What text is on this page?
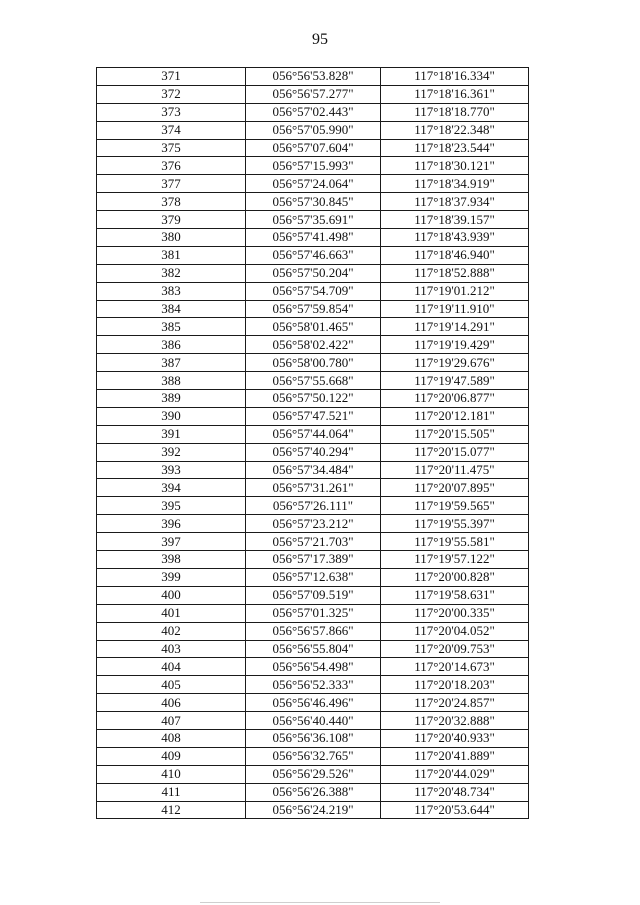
95
371	056°56'53.828"	117°18'16.334"
372	056°56'57.277"	117°18'16.361"
373	056°57'02.443"	117°18'18.770"
374	056°57'05.990"	117°18'22.348"
375	056°57'07.604"	117°18'23.544"
376	056°57'15.993"	117°18'30.121"
377	056°57'24.064"	117°18'34.919"
378	056°57'30.845"	117°18'37.934"
379	056°57'35.691"	117°18'39.157"
380	056°57'41.498"	117°18'43.939"
381	056°57'46.663"	117°18'46.940"
382	056°57'50.204"	117°18'52.888"
383	056°57'54.709"	117°19'01.212"
384	056°57'59.854"	117°19'11.910"
385	056°58'01.465"	117°19'14.291"
386	056°58'02.422"	117°19'19.429"
387	056°58'00.780"	117°19'29.676"
388	056°57'55.668"	117°19'47.589"
389	056°57'50.122"	117°20'06.877"
390	056°57'47.521"	117°20'12.181"
391	056°57'44.064"	117°20'15.505"
392	056°57'40.294"	117°20'15.077"
393	056°57'34.484"	117°20'11.475"
394	056°57'31.261"	117°20'07.895"
395	056°57'26.111"	117°19'59.565"
396	056°57'23.212"	117°19'55.397"
397	056°57'21.703"	117°19'55.581"
398	056°57'17.389"	117°19'57.122"
399	056°57'12.638"	117°20'00.828"
400	056°57'09.519"	117°19'58.631"
401	056°57'01.325"	117°20'00.335"
402	056°56'57.866"	117°20'04.052"
403	056°56'55.804"	117°20'09.753"
404	056°56'54.498"	117°20'14.673"
405	056°56'52.333"	117°20'18.203"
406	056°56'46.496"	117°20'24.857"
407	056°56'40.440"	117°20'32.888"
408	056°56'36.108"	117°20'40.933"
409	056°56'32.765"	117°20'41.889"
410	056°56'29.526"	117°20'44.029"
411	056°56'26.388"	117°20'48.734"
412	056°56'24.219"	117°20'53.644"
